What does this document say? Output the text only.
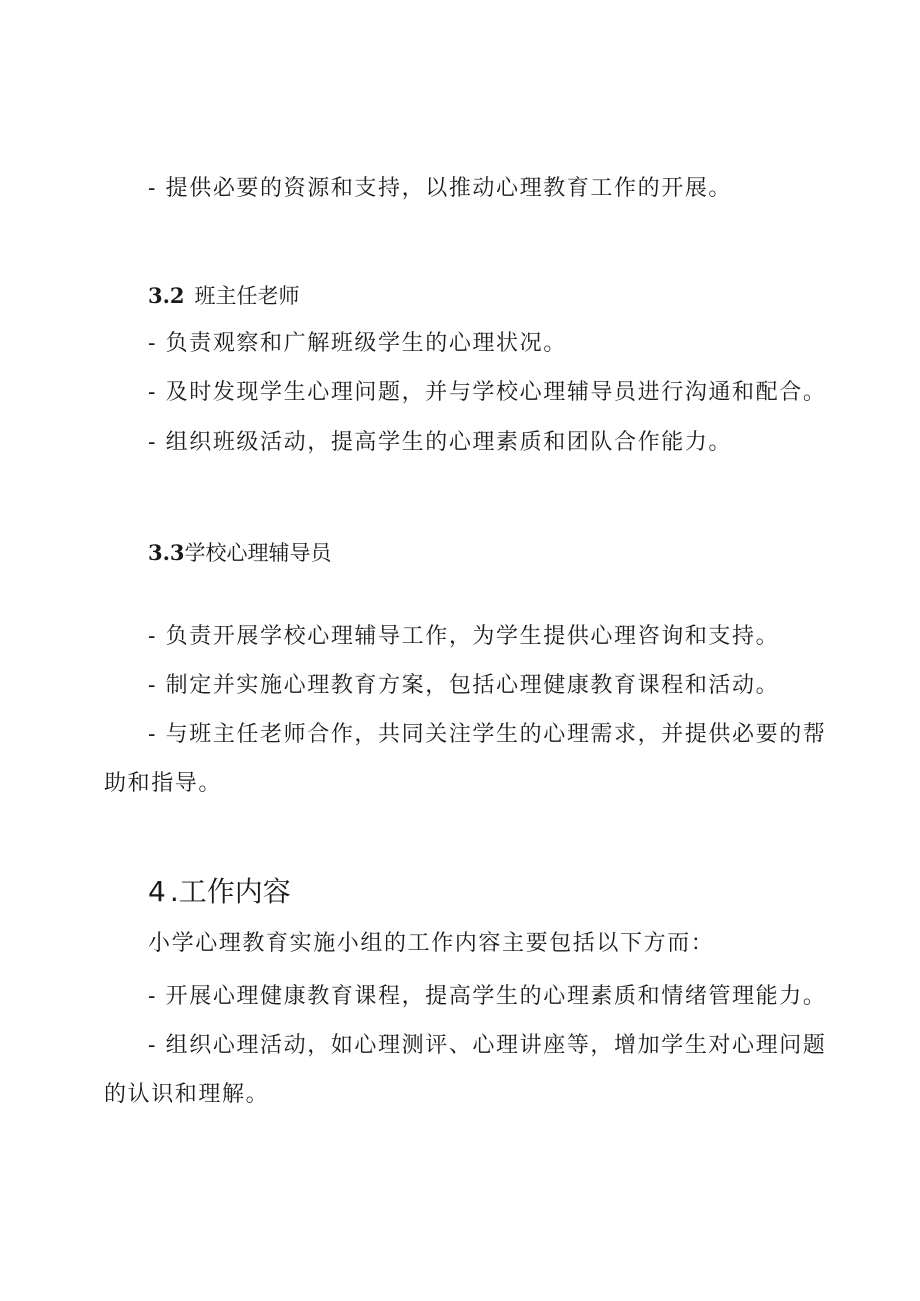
- 提供必要的资源和支持，以推动心理教育工作的开展。

3.2 班主任老师

- 负责观察和广解班级学生的心理状况。

- 及时发现学生心理问题，并与学校心理辅导员进行沟通和配合。

- 组织班级活动，提高学生的心理素质和团队合作能力。

3.3学校心理辅导员

- 负责开展学校心理辅导工作，为学生提供心理咨询和支持。

- 制定并实施心理教育方案，包括心理健康教育课程和活动。

- 与班主任老师合作，共同关注学生的心理需求，并提供必要的帮

助和指导。

4 .工作内容

小学心理教育实施小组的工作内容主要包括以下方而：

- 开展心理健康教育课程，提高学生的心理素质和情绪管理能力。

- 组织心理活动，如心理测评、心理讲座等，增加学生对心理问题

的认识和理解。
